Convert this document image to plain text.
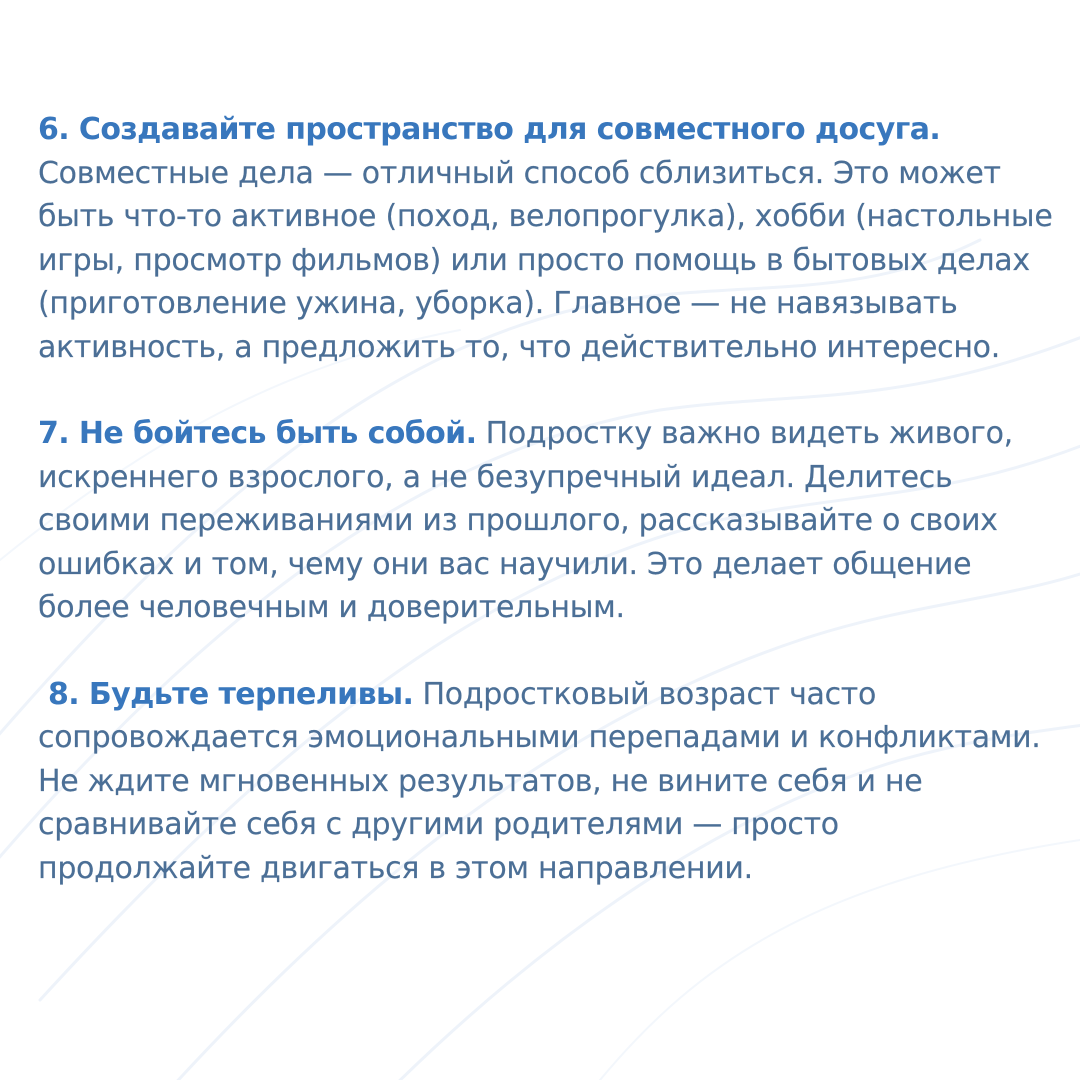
6. Создавайте пространство для совместного досуга. Совместные дела — отличный способ сблизиться. Это может быть что-то активное (поход, велопрогулка), хобби (настольные игры, просмотр фильмов) или просто помощь в бытовых делах (приготовление ужина, уборка). Главное — не навязывать активность, а предложить то, что действительно интересно.

7. Не бойтесь быть собой. Подростку важно видеть живого, искреннего взрослого, а не безупречный идеал. Делитесь своими переживаниями из прошлого, рассказывайте о своих ошибках и том, чему они вас научили. Это делает общение более человечным и доверительным.

8. Будьте терпеливы. Подростковый возраст часто сопровождается эмоциональными перепадами и конфликтами. Не ждите мгновенных результатов, не вините себя и не сравнивайте себя с другими родителями — просто продолжайте двигаться в этом направлении.
